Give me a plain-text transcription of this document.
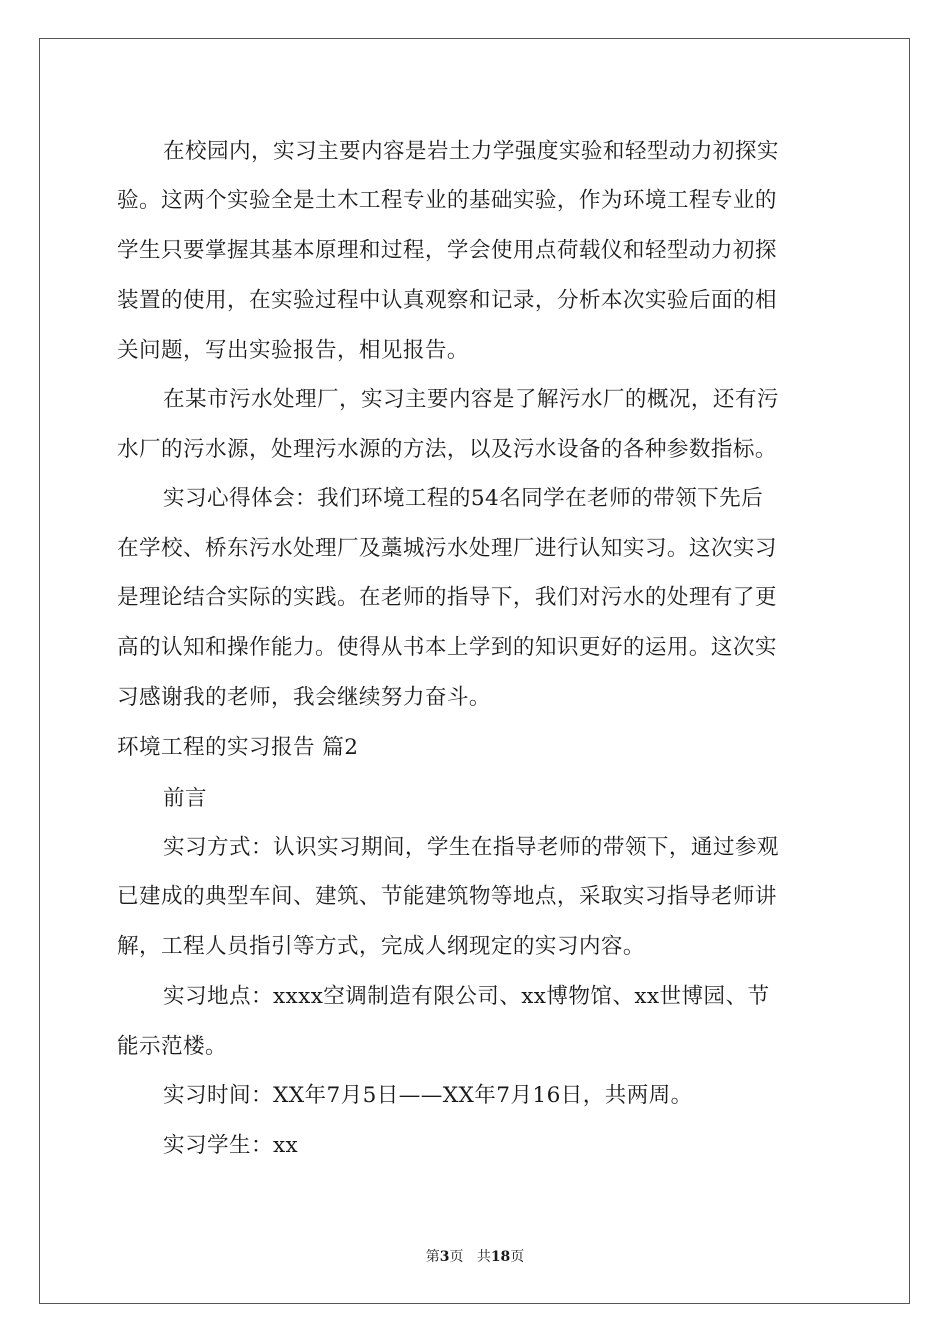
在校园内，实习主要内容是岩土力学强度实验和轻型动力初探实
验。这两个实验全是土木工程专业的基础实验，作为环境工程专业的
学生只要掌握其基本原理和过程，学会使用点荷载仪和轻型动力初探
装置的使用，在实验过程中认真观察和记录，分析本次实验后面的相
关问题，写出实验报告，相见报告。
在某市污水处理厂，实习主要内容是了解污水厂的概况，还有污
水厂的污水源，处理污水源的方法，以及污水设备的各种参数指标。
实习心得体会：我们环境工程的54名同学在老师的带领下先后
在学校、桥东污水处理厂及藁城污水处理厂进行认知实习。这次实习
是理论结合实际的实践。在老师的指导下，我们对污水的处理有了更
高的认知和操作能力。使得从书本上学到的知识更好的运用。这次实
习感谢我的老师，我会继续努力奋斗。
环境工程的实习报告 篇2
前言
实习方式：认识实习期间，学生在指导老师的带领下，通过参观
已建成的典型车间、建筑、节能建筑物等地点，采取实习指导老师讲
解，工程人员指引等方式，完成人纲现定的实习内容。
实习地点：xxxx空调制造有限公司、xx博物馆、xx世博园、节
能示范楼。
实习时间：XX年7月5日——XX年7月16日，共两周。
实习学生：xx
第3页 共18页
